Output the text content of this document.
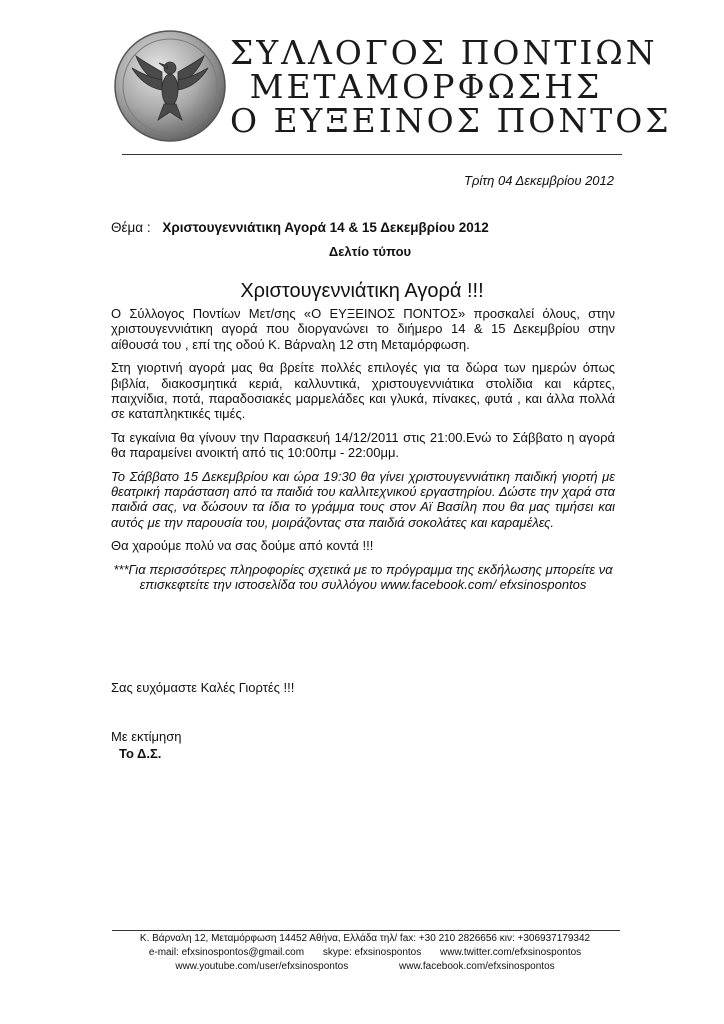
ΣΥΛΛΟΓΟΣ ΠΟΝΤΙΩΝ
ΜΕΤΑΜΟΡΦΩΣΗΣ
Ο ΕΥΞΕΙΝΟΣ ΠΟΝΤΟΣ
Τρίτη 04 Δεκεμβρίου 2012
Θέμα : Χριστουγεννιάτικη Αγορά 14 & 15 Δεκεμβρίου 2012
Δελτίο τύπου
Χριστουγεννιάτικη Αγορά !!!

Ο Σύλλογος Ποντίων Μετ/σης «Ο ΕΥΞΕΙΝΟΣ ΠΟΝΤΟΣ» προσκαλεί όλους, στην χριστουγεννιάτικη αγορά που διοργανώνει το διήμερο 14 & 15 Δεκεμβρίου στην αίθουσά του , επί της οδού Κ. Βάρναλη 12 στη Μεταμόρφωση.

Στη γιορτινή αγορά μας θα βρείτε πολλές επιλογές για τα δώρα των ημερών όπως βιβλία, διακοσμητικά κεριά, καλλυντικά, χριστουγεννιάτικα στολίδια και κάρτες, παιχνίδια, ποτά, παραδοσιακές μαρμελάδες και γλυκά, πίνακες, φυτά , και άλλα πολλά σε καταπληκτικές τιμές.

Τα εγκαίνια θα γίνουν την Παρασκευή 14/12/2011 στις 21:00.Ενώ το Σάββατο η αγορά θα παραμείνει ανοικτή από τις 10:00πμ - 22:00μμ.

Το Σάββατο 15 Δεκεμβρίου και ώρα 19:30 θα γίνει χριστουγεννιάτικη παιδική γιορτή με θεατρική παράσταση από τα παιδιά του καλλιτεχνικού εργαστηρίου. Δώστε την χαρά στα παιδιά σας, να δώσουν τα ίδια το γράμμα τους στον Αϊ Βασίλη που θα μας τιμήσει και αυτός με την παρουσία του, μοιράζοντας στα παιδιά σοκολάτες και καραμέλες.

Θα χαρούμε πολύ να σας δούμε από κοντά !!!

***Για περισσότερες πληροφορίες σχετικά με το πρόγραμμα της εκδήλωσης μπορείτε να επισκεφτείτε την ιστοσελίδα του συλλόγου www.facebook.com/ efxsinospontos

Σας ευχόμαστε Καλές Γιορτές !!!
Με εκτίμηση
Το Δ.Σ.
Κ. Βάρναλη 12, Μεταμόρφωση 14452 Αθήνα, Ελλάδα τηλ/ fax: +30 210 2826656 κιν: +306937179342
e-mail: efxsinospontos@gmail.com skype: efxsinospontos www.twitter.com/efxsinospontos
www.youtube.com/user/efxsinospontos	www.facebook.com/efxsinospontos
